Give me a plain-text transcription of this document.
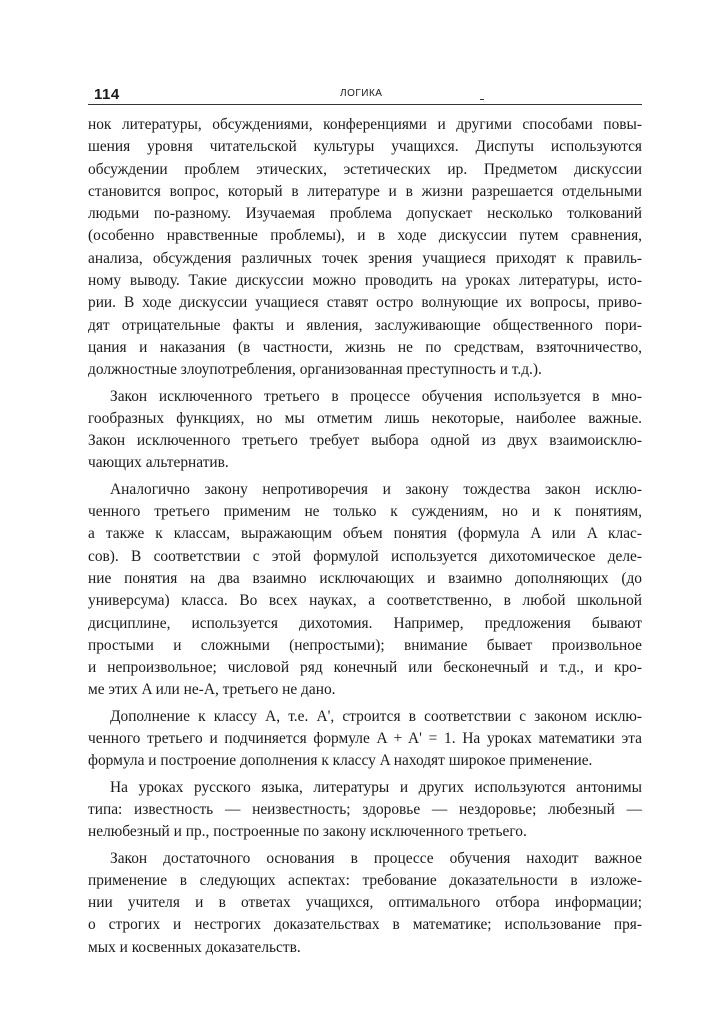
114	ЛОГИКА

нок литературы, обсуждениями, конференциями и другими способами повы-

шения уровня читательской культуры учащихся. Диспуты используются

обсуждении проблем этических, эстетических ир. Предметом дискуссии

становится вопрос, который в литературе и в жизни разрешается отдельными

людьми по-разному. Изучаемая проблема допускает несколько толкований

(особенно нравственные проблемы), и в ходе дискуссии путем сравнения,

анализа, обсуждения различных точек зрения учащиеся приходят к правиль-

ному выводу. Такие дискуссии можно проводить на уроках литературы, исто-

рии. В ходе дискуссии учащиеся ставят остро волнующие их вопросы, приво-

дят отрицательные факты и явления, заслуживающие общественного пори-

цания и наказания (в частности, жизнь не по средствам, взяточничество,

должностные злоупотребления, организованная преступность и т.д.).

Закон исключенного третьего в процессе обучения используется в мно-

гообразных функциях, но мы отметим лишь некоторые, наиболее важные.

Закон исключенного третьего требует выбора одной из двух взаимоисклю-

чающих альтернатив.

Аналогично закону непротиворечия и закону тождества закон исклю-

ченного третьего применим не только к суждениям, но и к понятиям,

а также к классам, выражающим объем понятия (формула A или A клас-

сов). В соответствии с этой формулой используется дихотомическое деле-

ние понятия на два взаимно исключающих и взаимно дополняющих (до

универсума) класса. Во всех науках, а соответственно, в любой школьной

дисциплине, используется дихотомия. Например, предложения бывают

простыми и сложными (непростыми); внимание бывает произвольное

и непроизвольное; числовой ряд конечный или бесконечный и т.д., и кро-

ме этих A или не-A, третьего не дано.

Дополнение к классу A, т.е. A', строится в соответствии с законом исклю-

ченного третьего и подчиняется формуле A + A' = 1. На уроках математики эта

формула и построение дополнения к классу A находят широкое применение.

На уроках русского языка, литературы и других используются антонимы

типа: известность — неизвестность; здоровье — нездоровье; любезный —

нелюбезный и пр., построенные по закону исключенного третьего.

Закон достаточного основания в процессе обучения находит важное

применение в следующих аспектах: требование доказательности в изложе-

нии учителя и в ответах учащихся, оптимального отбора информации;

о строгих и нестрогих доказательствах в математике; использование пря-

мых и косвенных доказательств.
